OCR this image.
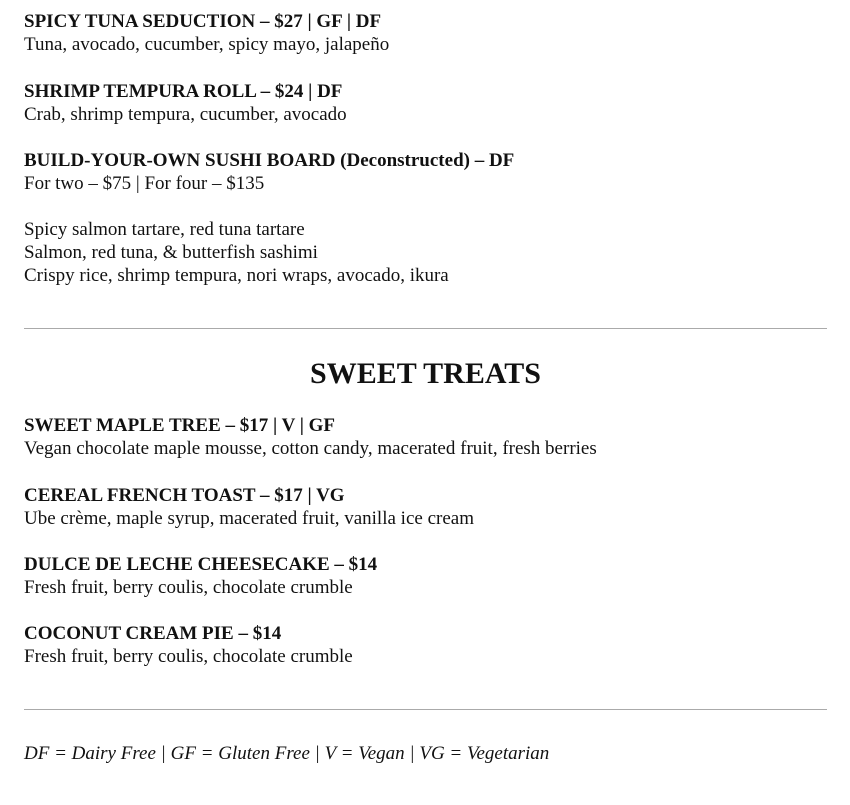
SPICY TUNA SEDUCTION – $27 | GF | DF
Tuna, avocado, cucumber, spicy mayo, jalapeño
SHRIMP TEMPURA ROLL – $24 | DF
Crab, shrimp tempura, cucumber, avocado
BUILD-YOUR-OWN SUSHI BOARD (Deconstructed) – DF
For two – $75 | For four – $135
Spicy salmon tartare, red tuna tartare
Salmon, red tuna, & butterfish sashimi
Crispy rice, shrimp tempura, nori wraps, avocado, ikura
SWEET TREATS
SWEET MAPLE TREE – $17 | V | GF
Vegan chocolate maple mousse, cotton candy, macerated fruit, fresh berries
CEREAL FRENCH TOAST – $17 | VG
Ube crème, maple syrup, macerated fruit, vanilla ice cream
DULCE DE LECHE CHEESECAKE – $14
Fresh fruit, berry coulis, chocolate crumble
COCONUT CREAM PIE – $14
Fresh fruit, berry coulis, chocolate crumble
DF = Dairy Free | GF = Gluten Free | V = Vegan | VG = Vegetarian
